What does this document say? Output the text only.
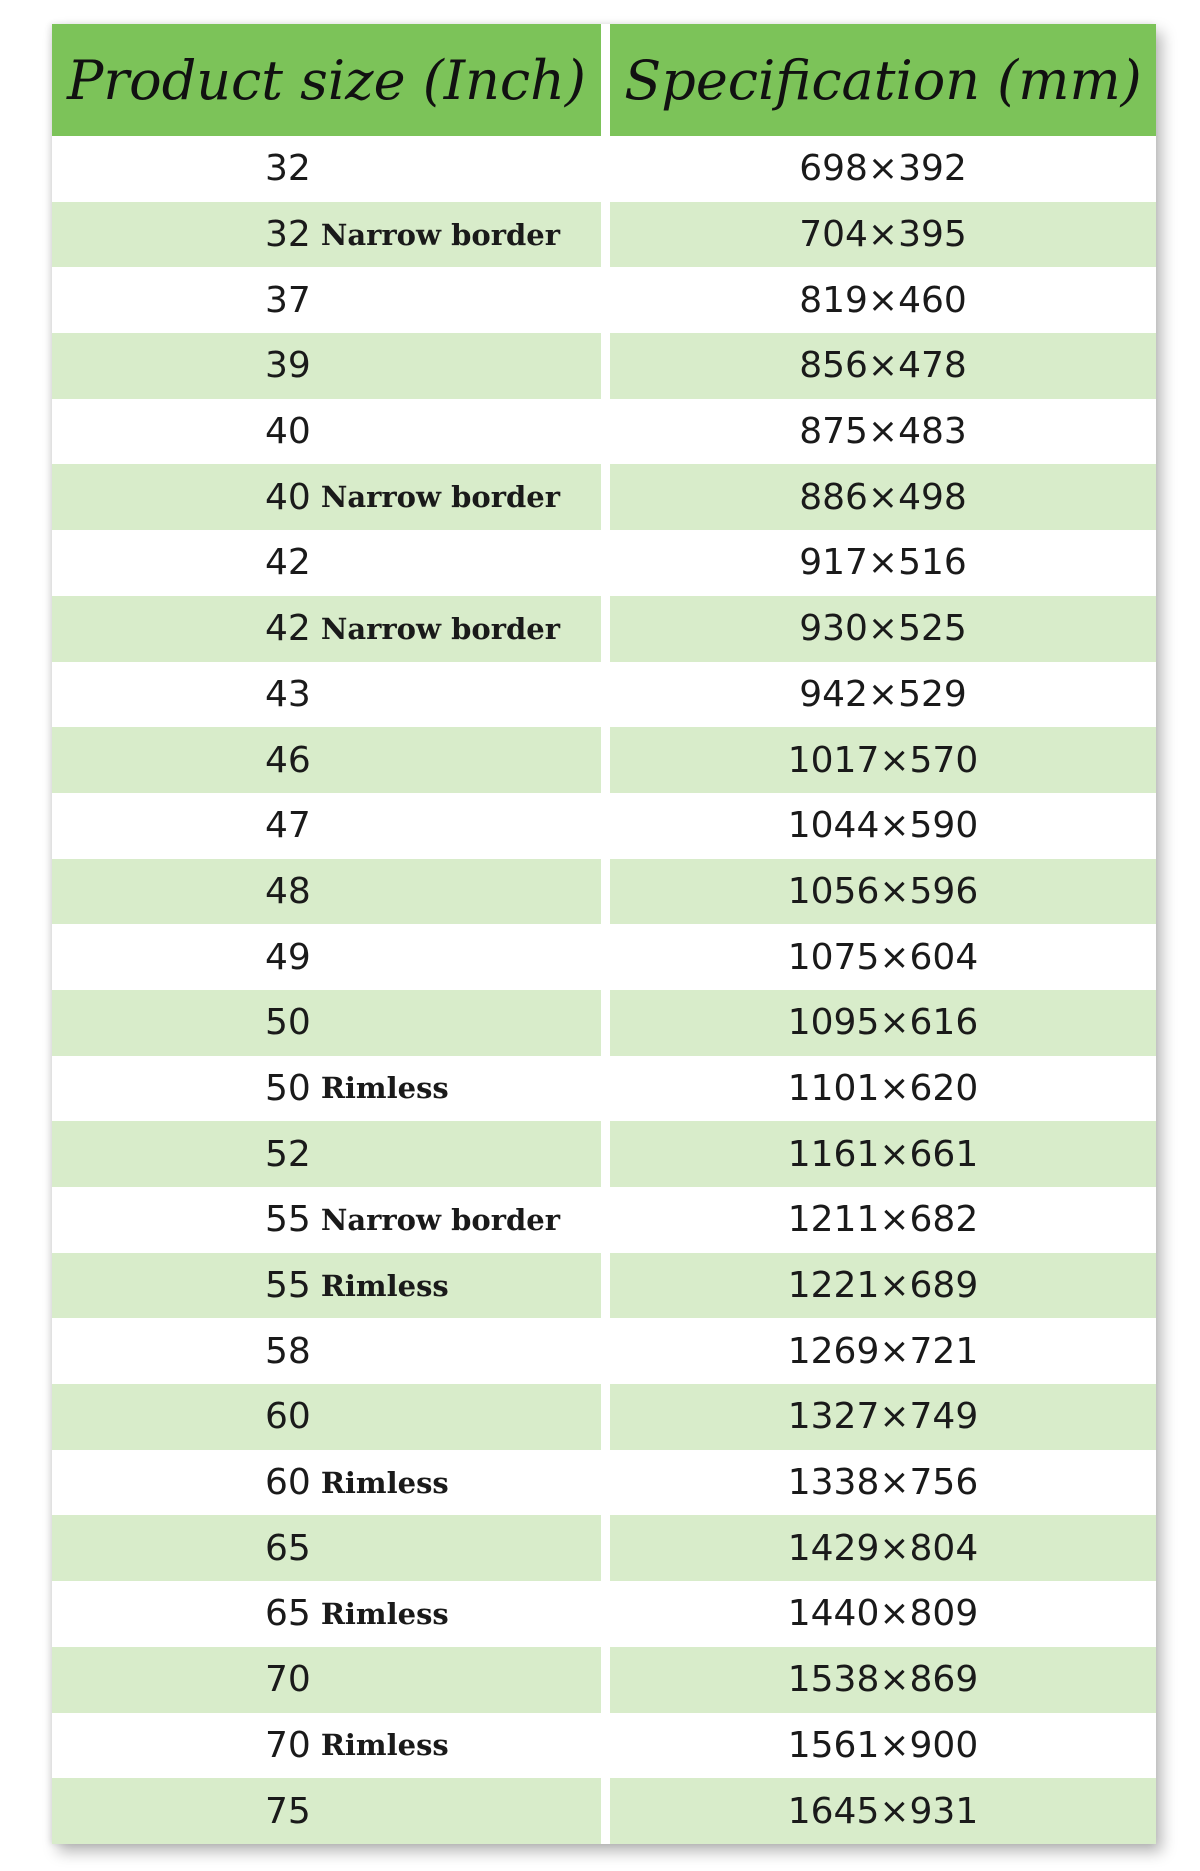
Product size (Inch) Specification (mm)
32	698×392
32 Narrow border	704×395
37	819×460
39	856×478
40	875×483
40 Narrow border	886×498
42	917×516
42 Narrow border	930×525
43	942×529
46	1017×570
47	1044×590
48	1056×596
49	1075×604
50	1095×616
50 Rimless	1101×620
52	1161×661
55 Narrow border	1211×682
55 Rimless	1221×689
58	1269×721
60	1327×749
60 Rimless	1338×756
65	1429×804
65 Rimless	1440×809
70	1538×869
70 Rimless	1561×900
75	1645×931
